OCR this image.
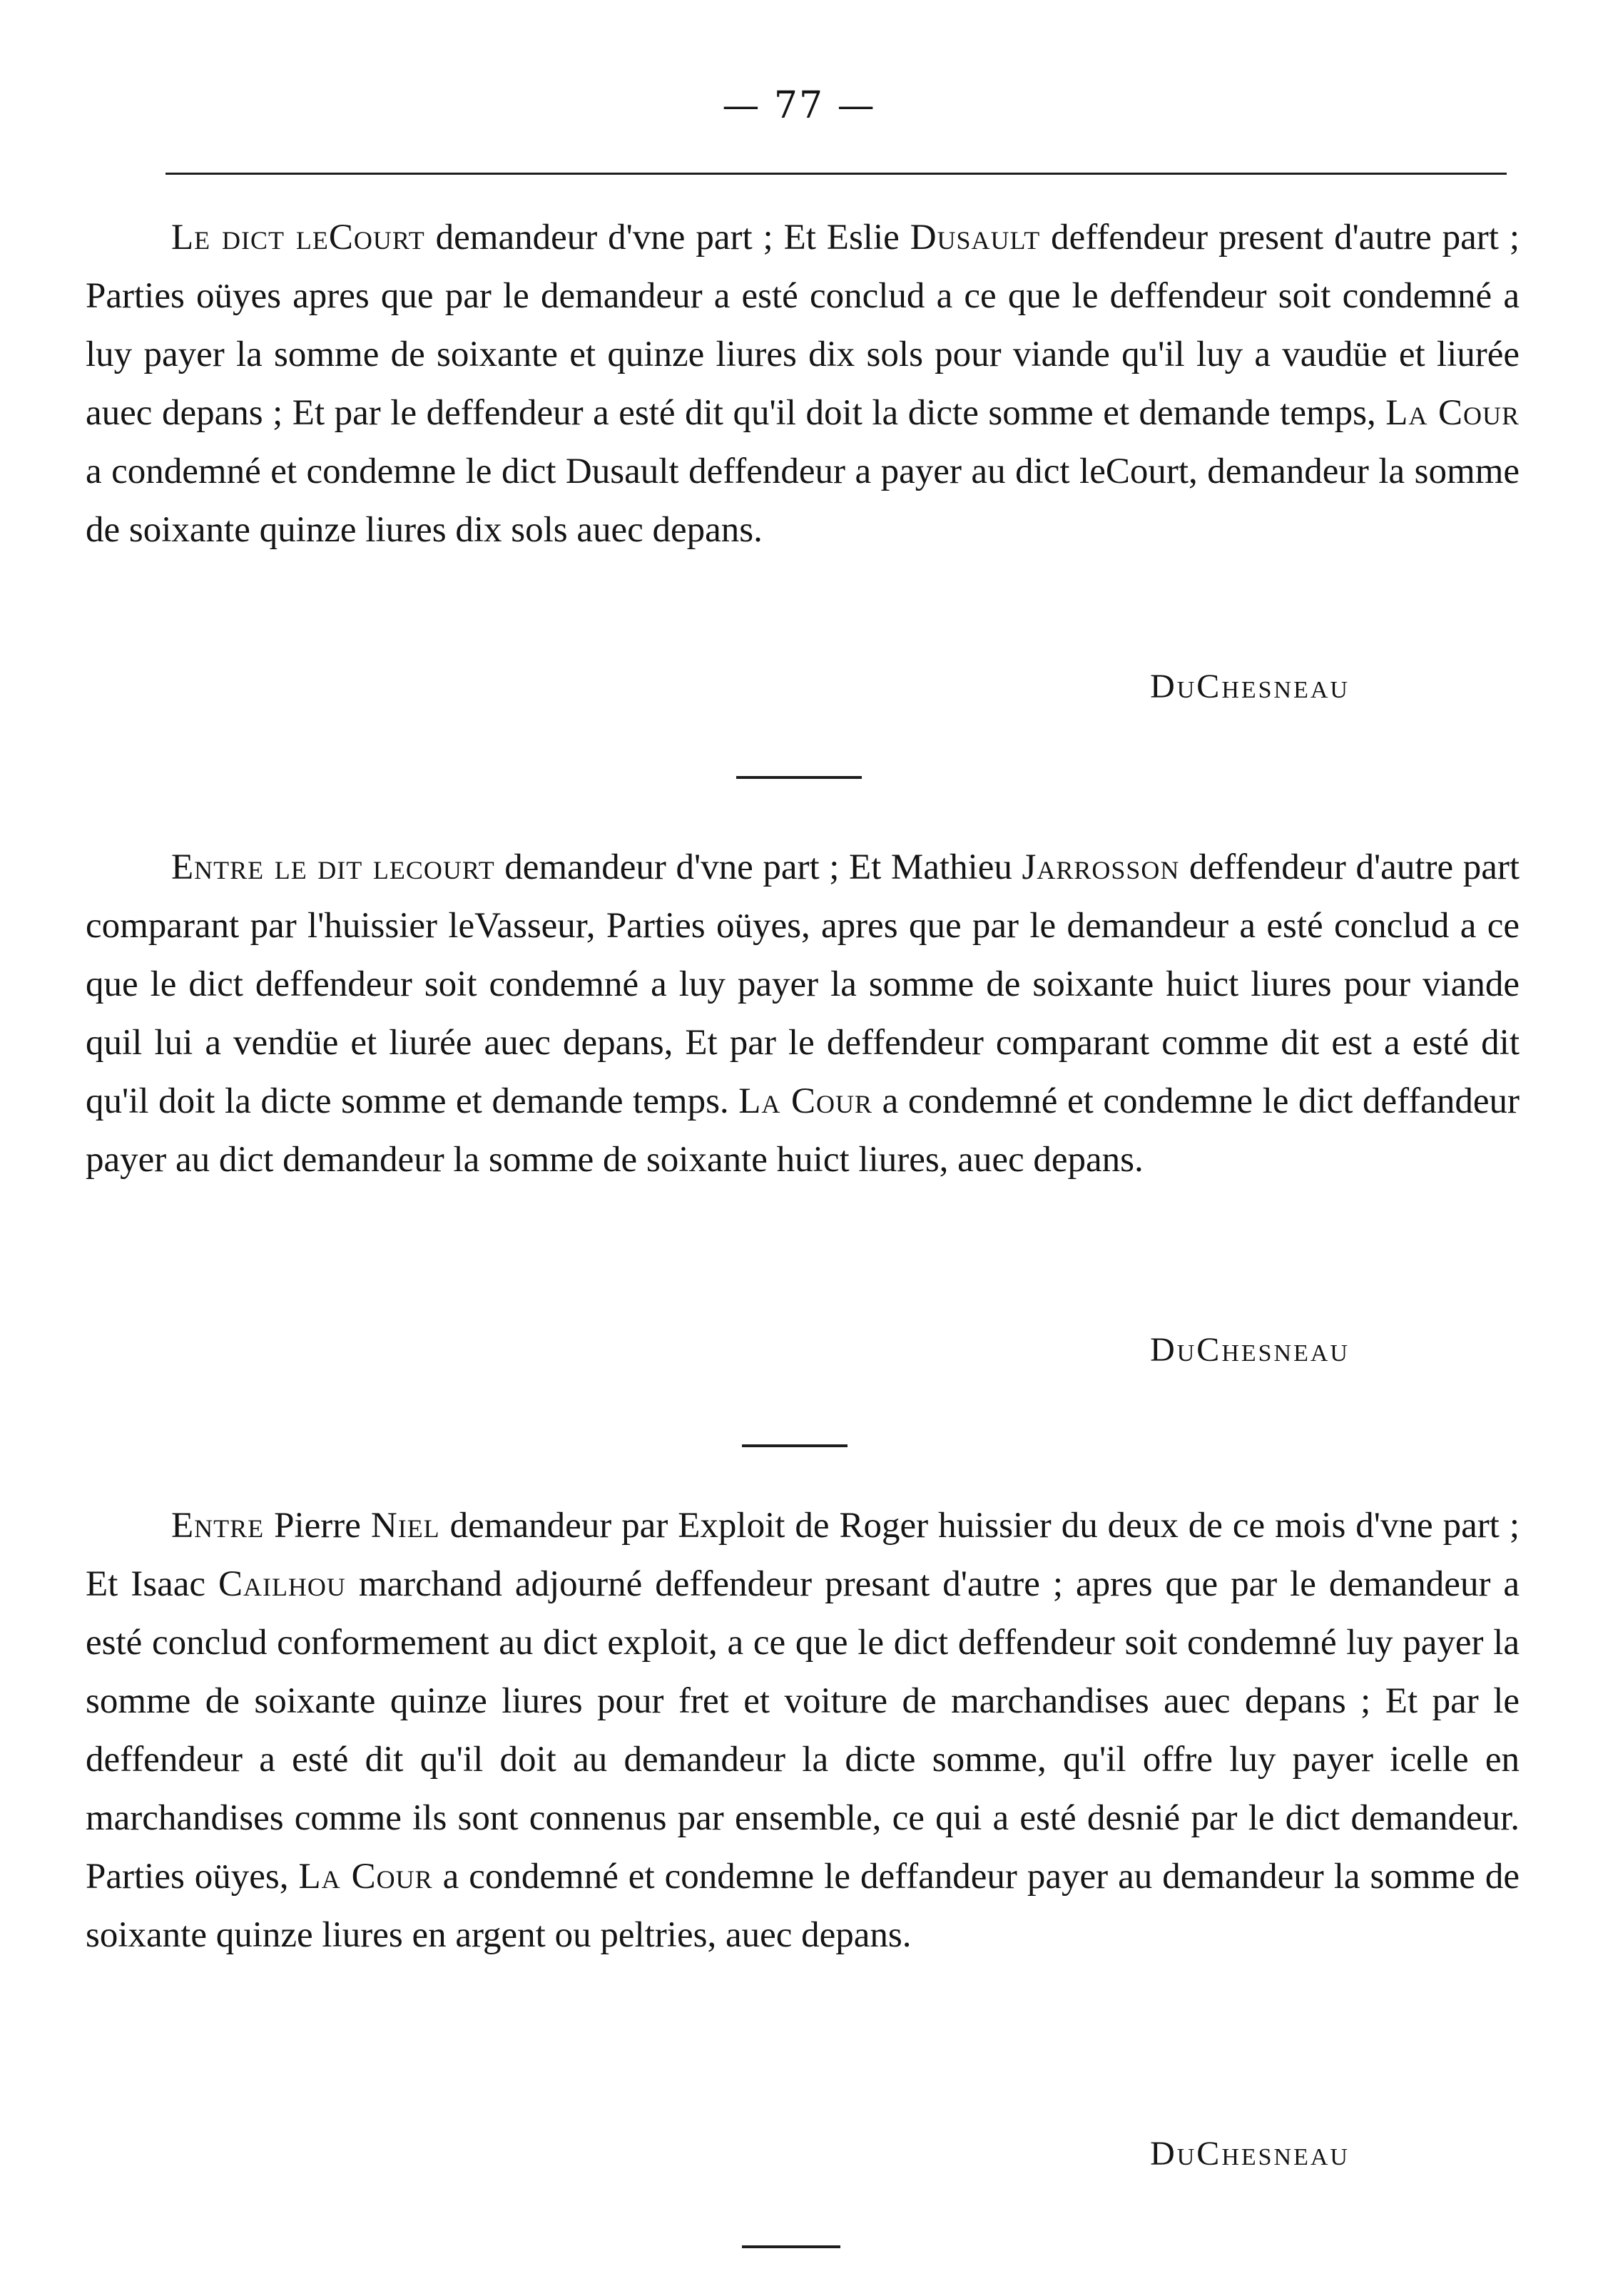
— 77 —

Le dict leCourt demandeur d'vne part ; Et Eslie Dusault deffendeur present d'autre part ; Parties oüyes apres que par le demandeur a esté conclud a ce que le deffendeur soit condemné a luy payer la somme de soixante et quinze liures dix sols pour viande qu'il luy a vaudüe et liurée auec depans ; Et par le deffendeur a esté dit qu'il doit la dicte somme et demande temps, La Cour a condemné et condemne le dict Dusault deffendeur a payer au dict leCourt, demandeur la somme de soixante quinze liures dix sols auec depans.

DuChesneau

Entre le dit lecourt demandeur d'vne part ; Et Mathieu Jarrosson deffendeur d'autre part comparant par l'huissier leVasseur, Parties oüyes, apres que par le demandeur a esté conclud a ce que le dict deffendeur soit condemné a luy payer la somme de soixante huict liures pour viande quil lui a vendüe et liurée auec depans, Et par le deffendeur comparant comme dit est a esté dit qu'il doit la dicte somme et demande temps. La Cour a condemné et condemne le dict deffandeur payer au dict demandeur la somme de soixante huict liures, auec depans.

DuChesneau

Entre Pierre Niel demandeur par Exploit de Roger huissier du deux de ce mois d'vne part ; Et Isaac Cailhou marchand adjourné deffendeur presant d'autre ; apres que par le demandeur a esté conclud conformement au dict exploit, a ce que le dict deffendeur soit condemné luy payer la somme de soixante quinze liures pour fret et voiture de marchandises auec depans ; Et par le deffendeur a esté dit qu'il doit au demandeur la dicte somme, qu'il offre luy payer icelle en marchandises comme ils sont connenus par ensemble, ce qui a esté desnié par le dict demandeur. Parties oüyes, La Cour a condemné et condemne le deffandeur payer au demandeur la somme de soixante quinze liures en argent ou peltries, auec depans.

DuChesneau
